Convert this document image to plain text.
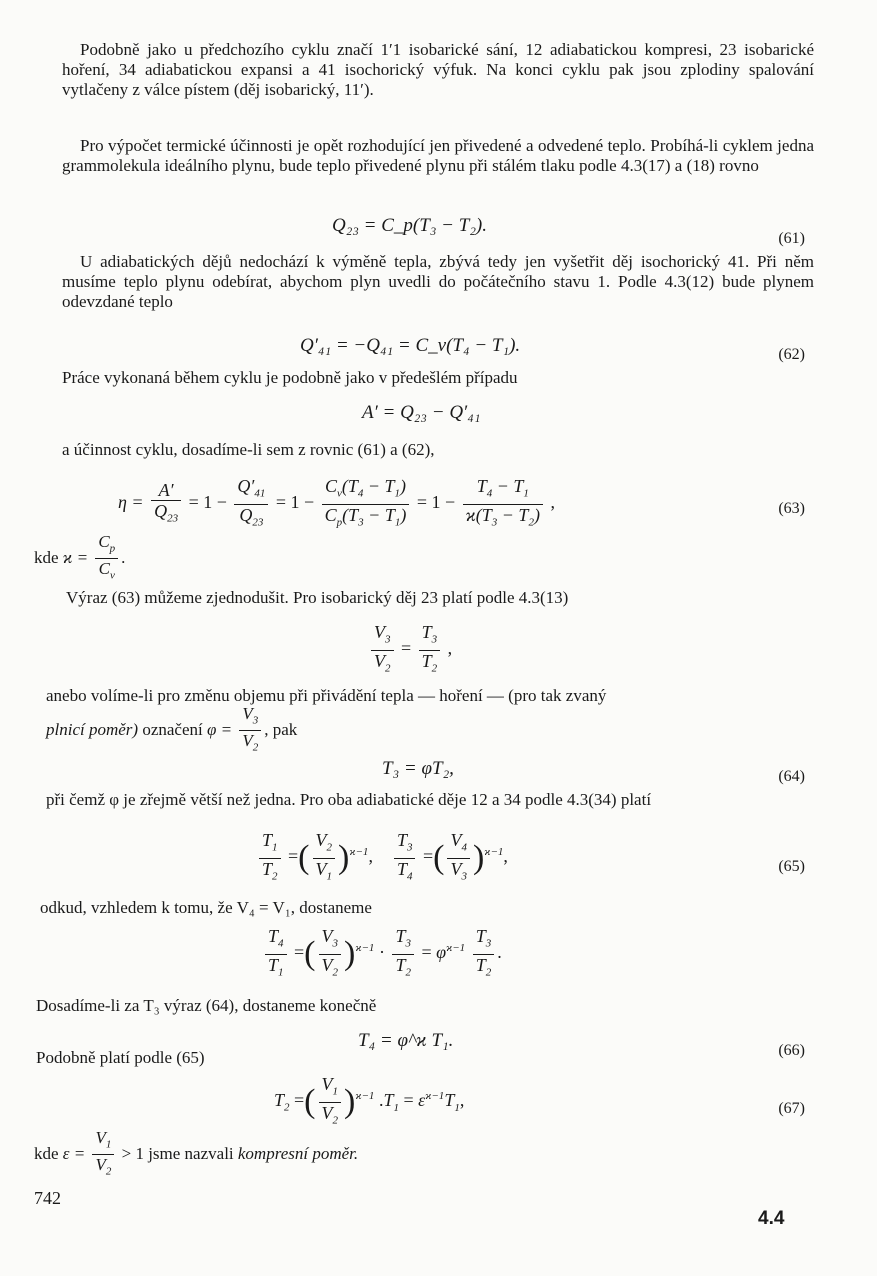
Podobně jako u předchozího cyklu značí 1′1 isobarické sání, 12 adiabatickou kompresi, 23 isobarické hoření, 34 adiabatickou expansi a 41 isochorický výfuk. Na konci cyklu pak jsou zplodiny spalování vytlačeny z válce pístem (děj isobarický, 11′).

Pro výpočet termické účinnosti je opět rozhodující jen přivedené a odvedené teplo. Probíhá-li cyklem jedna grammolekula ideálního plynu, bude teplo přivedené plynu při stálém tlaku podle 4.3(17) a (18) rovno

Q₂₃ = C_p(T₃ − T₂).
(61)

U adiabatických dějů nedochází k výměně tepla, zbývá tedy jen vyšetřit děj isochorický 41. Při něm musíme teplo plynu odebírat, abychom plyn uvedli do počátečního stavu 1. Podle 4.3(12) bude plynem odevzdané teplo

Q′₄₁ = −Q₄₁ = C_v(T₄ − T₁).	(62)

Práce vykonaná během cyklu je podobně jako v předešlém případu

A′ = Q₂₃ − Q′₄₁

a účinnost cyklu, dosadíme-li sem z rovnic (61) a (62),

$\eta = \frac{A'}{Q_{23}} = 1 - \frac{Q'_{41}}{Q_{23}} = 1 - \frac{C_v(T_4 - T_1)}{C_p(T_3 - T_1)} = 1 - \frac{T_4 - T_1}{ϰ(T_3 - T_2)}$ ,	(63)
kde $ϰ = \frac{C_p}{C_v}$ .

Výraz (63) můžeme zjednodušit. Pro isobarický děj 23 platí podle 4.3(13)

$\frac{V_3}{V_2} = \frac{T_3}{T_2}$ ,

anebo volíme-li pro změnu objemu při přivádění tepla — hoření — (pro tak zvaný

plnicí poměr) označení $\varphi = \frac{V_3}{V_2}$ , pak
T₃ = φT₂,	(64)

při čemž φ je zřejmě větší než jedna. Pro oba adiabatické děje 12 a 34 podle 4.3(34) platí

$\frac{T_1}{T_2}$ =( $\frac{V_2}{V_1} )^{ϰ-1}$, $\frac{T_3}{T_4}$ =( $\frac{V_4}{V_3} )^{ϰ-1}$,
(65)

odkud, vzhledem k tomu, že V₄ = V₁, dostaneme

$\frac{T_4}{T_1}$ =( $\frac{V_3}{V_2} )^{ϰ-1} \cdot \frac{T_3}{T_2} = \varphi^{ϰ-1} \frac{T_3}{T_2}$ .

Dosadíme-li za T₃ výraz (64), dostaneme konečně

T₄ = φ^ϰ T₁.	(66)

Podobně platí podle (65)

$T_2$ =( $\frac{V_1}{V_2} )^{ϰ-1}$ $.T_1 = \varepsilon^{ϰ-1}T_1$,	(67)
kde $\varepsilon = \frac{V_1}{V_2} > 1$ jsme nazvali kompresní poměr.
742
4.4
